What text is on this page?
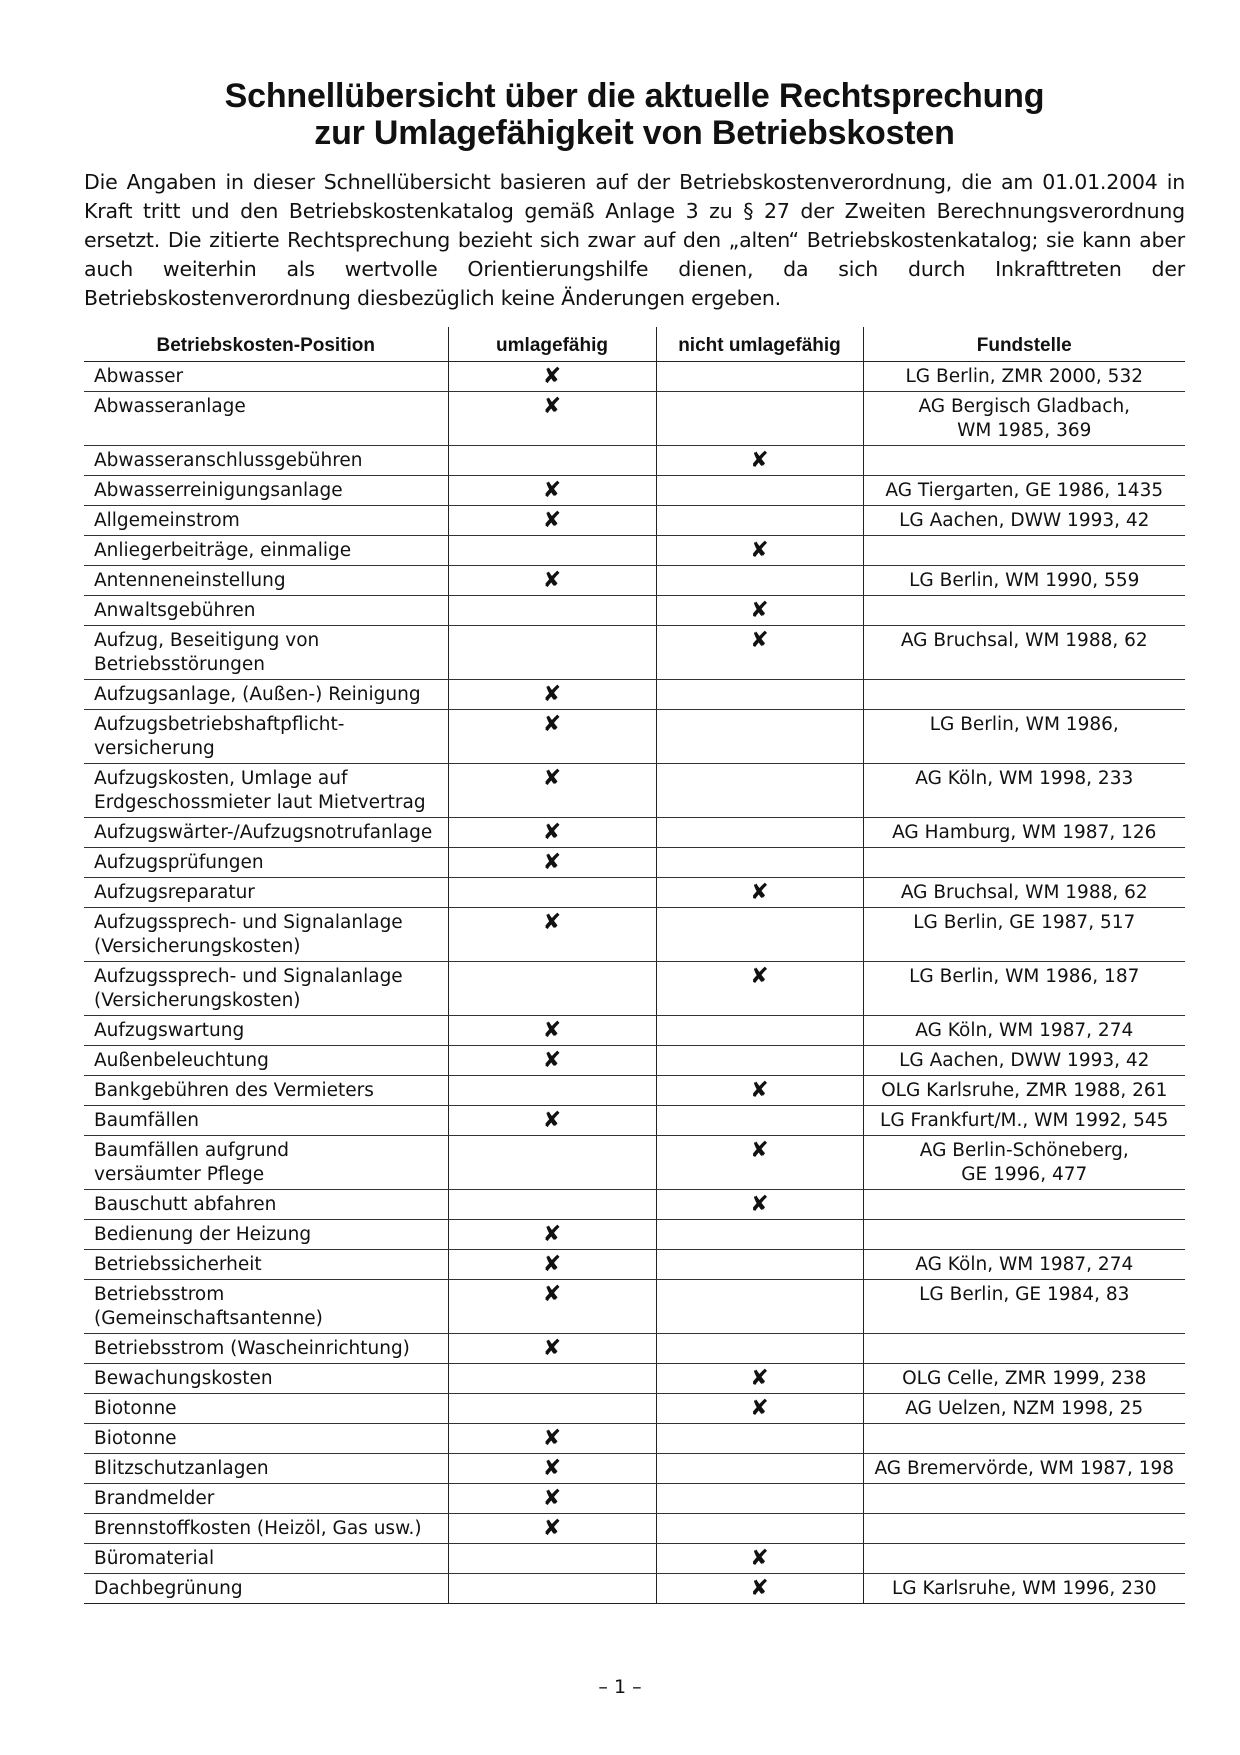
Schnellübersicht über die aktuelle Rechtsprechung
zur Umlagefähigkeit von Betriebskosten

Die Angaben in dieser Schnellübersicht basieren auf der Betriebskostenverordnung, die am 01.01.2004 in Kraft tritt und den Betriebskostenkatalog gemäß Anlage 3 zu § 27 der Zweiten Berechnungsverordnung ersetzt. Die zitierte Rechtsprechung bezieht sich zwar auf den „alten“ Betriebskostenkatalog; sie kann aber auch weiterhin als wertvolle Orientierungshilfe dienen, da sich durch Inkrafttreten der Betriebskostenverordnung diesbezüglich keine Änderungen ergeben.

Betriebskosten-Position	umlagefähig	nicht umlagefähig	Fundstelle
Abwasser	✘		LG Berlin, ZMR 2000, 532
Abwasseranlage	✘		AG Bergisch Gladbach,
WM 1985, 369
Abwasseranschlussgebühren		✘	
Abwasserreinigungsanlage	✘		AG Tiergarten, GE 1986, 1435
Allgemeinstrom	✘		LG Aachen, DWW 1993, 42
Anliegerbeiträge, einmalige		✘	
Antenneneinstellung	✘		LG Berlin, WM 1990, 559
Anwaltsgebühren		✘	
Aufzug, Beseitigung von
Betriebsstörungen		✘	AG Bruchsal, WM 1988, 62
Aufzugsanlage, (Außen-) Reinigung	✘		
Aufzugsbetriebshaftpflicht-
versicherung	✘		LG Berlin, WM 1986,
Aufzugskosten, Umlage auf
Erdgeschossmieter laut Mietvertrag	✘		AG Köln, WM 1998, 233
Aufzugswärter-/Aufzugsnotrufanlage	✘		AG Hamburg, WM 1987, 126
Aufzugsprüfungen	✘		
Aufzugsreparatur		✘	AG Bruchsal, WM 1988, 62
Aufzugssprech- und Signalanlage
(Versicherungskosten)	✘		LG Berlin, GE 1987, 517
Aufzugssprech- und Signalanlage
(Versicherungskosten)		✘	LG Berlin, WM 1986, 187
Aufzugswartung	✘		AG Köln, WM 1987, 274
Außenbeleuchtung	✘		LG Aachen, DWW 1993, 42
Bankgebühren des Vermieters		✘	OLG Karlsruhe, ZMR 1988, 261
Baumfällen	✘		LG Frankfurt/M., WM 1992, 545
Baumfällen aufgrund
versäumter Pflege		✘	AG Berlin-Schöneberg,
GE 1996, 477
Bauschutt abfahren		✘	
Bedienung der Heizung	✘		
Betriebssicherheit	✘		AG Köln, WM 1987, 274
Betriebsstrom
(Gemeinschaftsantenne)	✘		LG Berlin, GE 1984, 83
Betriebsstrom (Wascheinrichtung)	✘		
Bewachungskosten		✘	OLG Celle, ZMR 1999, 238
Biotonne		✘	AG Uelzen, NZM 1998, 25
Biotonne	✘		
Blitzschutzanlagen	✘		AG Bremervörde, WM 1987, 198
Brandmelder	✘		
Brennstoffkosten (Heizöl, Gas usw.)	✘		
Büromaterial		✘	
Dachbegrünung		✘	LG Karlsruhe, WM 1996, 230
– 1 –
